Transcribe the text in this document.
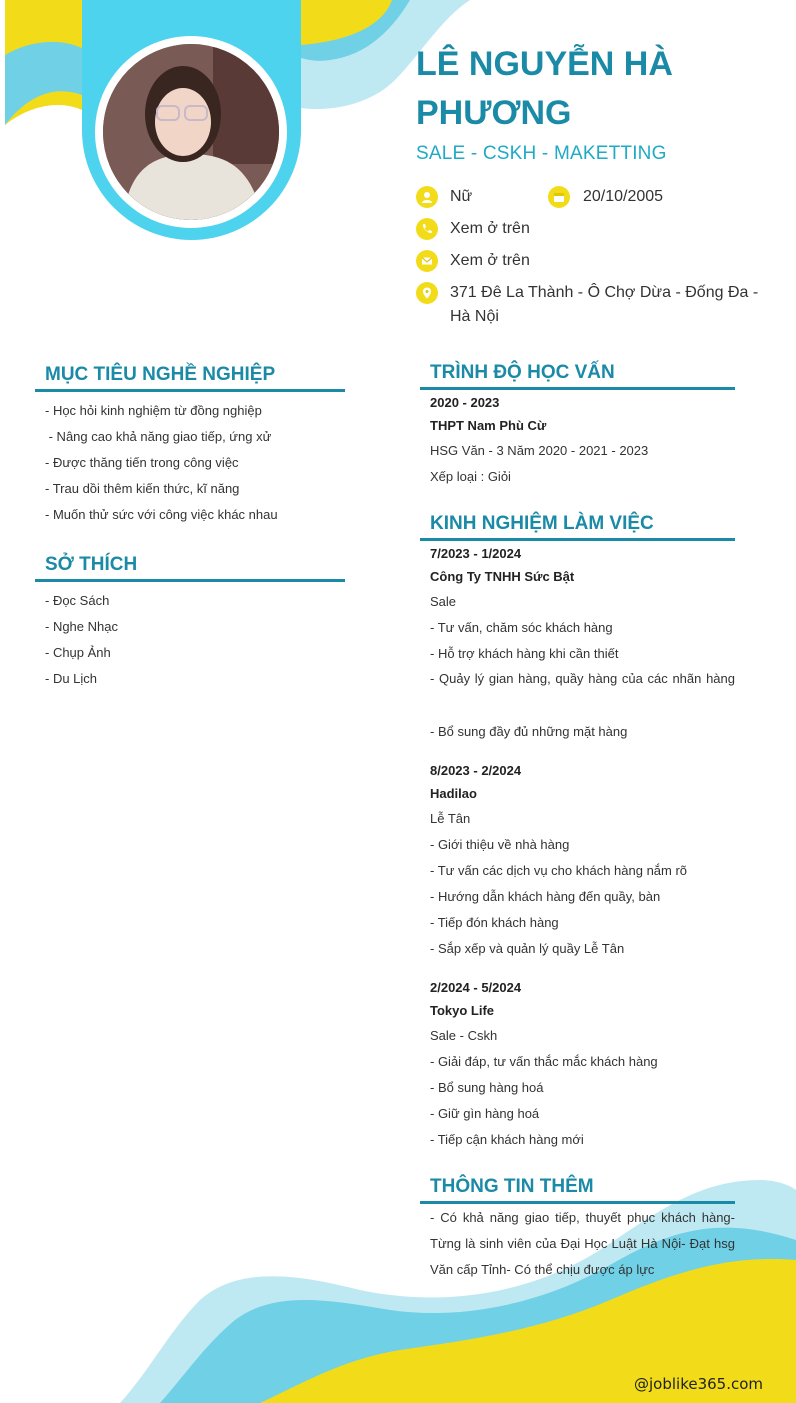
LÊ NGUYỄN HÀ PHƯƠNG
SALE - CSKH - MAKETTING
Nữ	20/10/2005
Xem ở trên
Xem ở trên
371 Đê La Thành - Ô Chợ Dừa - Đống Đa - Hà Nội
MỤC TIÊU NGHỀ NGHIỆP
- Học hỏi kinh nghiệm từ đồng nghiệp
- Nâng cao khả năng giao tiếp, ứng xử
- Được thăng tiến trong công việc
- Trau dồi thêm kiến thức, kĩ năng
- Muốn thử sức với công việc khác nhau
SỞ THÍCH
- Đọc Sách
- Nghe Nhạc
- Chụp Ảnh
- Du Lịch
TRÌNH ĐỘ HỌC VẤN
2020 - 2023
THPT Nam Phù Cừ
HSG Văn - 3 Năm 2020 - 2021 - 2023
Xếp loại : Giỏi
KINH NGHIỆM LÀM VIỆC
7/2023 - 1/2024
Công Ty TNHH Sức Bật
Sale
- Tư vấn, chăm sóc khách hàng
- Hỗ trợ khách hàng khi cần thiết
- Quảy lý gian hàng, quầy hàng của các nhãn hàng
- Bổ sung đầy đủ những mặt hàng
8/2023 - 2/2024
Hadilao
Lễ Tân
- Giới thiệu về nhà hàng
- Tư vấn các dịch vụ cho khách hàng nắm rõ
- Hướng dẫn khách hàng đến quầy, bàn
- Tiếp đón khách hàng
- Sắp xếp và quản lý quầy Lễ Tân
2/2024 - 5/2024
Tokyo Life
Sale - Cskh
- Giải đáp, tư vấn thắc mắc khách hàng
- Bổ sung hàng hoá
- Giữ gìn hàng hoá
- Tiếp cận khách hàng mới
THÔNG TIN THÊM
- Có khả năng giao tiếp, thuyết phục khách hàng- Từng là sinh viên của Đại Học Luật Hà Nội- Đạt hsg Văn cấp Tỉnh- Có thể chịu được áp lực
@joblike365.com
